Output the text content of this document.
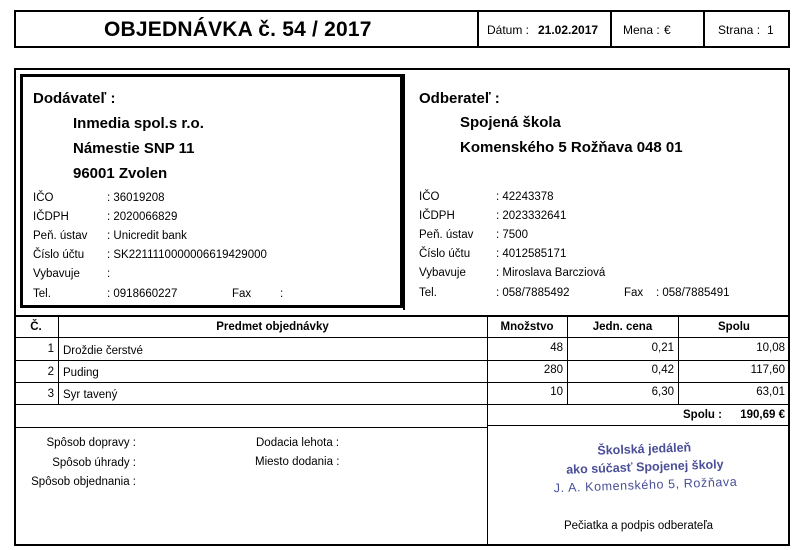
OBJEDNÁVKA č. 54 / 2017	Dátum : 21.02.2017 Mena : €	Strana : 1
Dodávateľ :
Inmedia spol.s r.o.
Námestie SNP 11
96001 Zvolen
IČO	: 36019208
IČDPH	: 2020066829
Peň. ústav : Unicredit bank
Číslo účtu : SK2211110000006619429000
Vybavuje :
Tel.	: 0918660227	Fax	:
Odberateľ :
Spojená škola
Komenského 5 Rožňava 048 01
IČO	: 42243378
IČDPH	: 2023332641
Peň. ústav : 7500
Číslo účtu : 4012585171
Vybavuje	: Miroslava Barcziová
Tel.	: 058/7885492	Fax : 058/7885491
Č.	Predmet objednávky	Množstvo	Jedn. cena	Spolu
1 Droždie čerstvé	48	0,21	10,08
2 Puding	280	0,42	117,60
3 Syr tavený	10	6,30	63,01
Spolu :	190,69 €
Spôsob dopravy :
Spôsob úhrady :
Spôsob objednania :
Dodacia lehota :
Miesto dodania :
Školská jedáleň
ako súčasť Spojenej školy
J. A. Komenského 5, Rožňava
Pečiatka a podpis odberateľa
